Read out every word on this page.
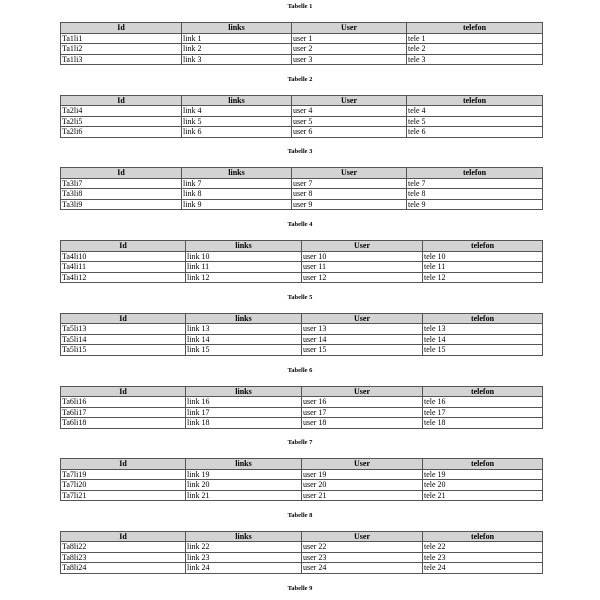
Tabelle 1
Id	links	User	telefon
Ta1li1	link 1	user 1	tele 1
Ta1li2	link 2	user 2	tele 2
Ta1li3	link 3	user 3	tele 3
Tabelle 2
Id	links	User	telefon
Ta2li4	link 4	user 4	tele 4
Ta2li5	link 5	user 5	tele 5
Ta2li6	link 6	user 6	tele 6
Tabelle 3
Id	links	User	telefon
Ta3li7	link 7	user 7	tele 7
Ta3li8	link 8	user 8	tele 8
Ta3li9	link 9	user 9	tele 9
Tabelle 4
Id	links	User	telefon
Ta4li10	link 10	user 10	tele 10
Ta4li11	link 11	user 11	tele 11
Ta4li12	link 12	user 12	tele 12
Tabelle 5
Id	links	User	telefon
Ta5li13	link 13	user 13	tele 13
Ta5li14	link 14	user 14	tele 14
Ta5li15	link 15	user 15	tele 15
Tabelle 6
Id	links	User	telefon
Ta6li16	link 16	user 16	tele 16
Ta6li17	link 17	user 17	tele 17
Ta6li18	link 18	user 18	tele 18
Tabelle 7
Id	links	User	telefon
Ta7li19	link 19	user 19	tele 19
Ta7li20	link 20	user 20	tele 20
Ta7li21	link 21	user 21	tele 21
Tabelle 8
Id	links	User	telefon
Ta8li22	link 22	user 22	tele 22
Ta8li23	link 23	user 23	tele 23
Ta8li24	link 24	user 24	tele 24
Tabelle 9
